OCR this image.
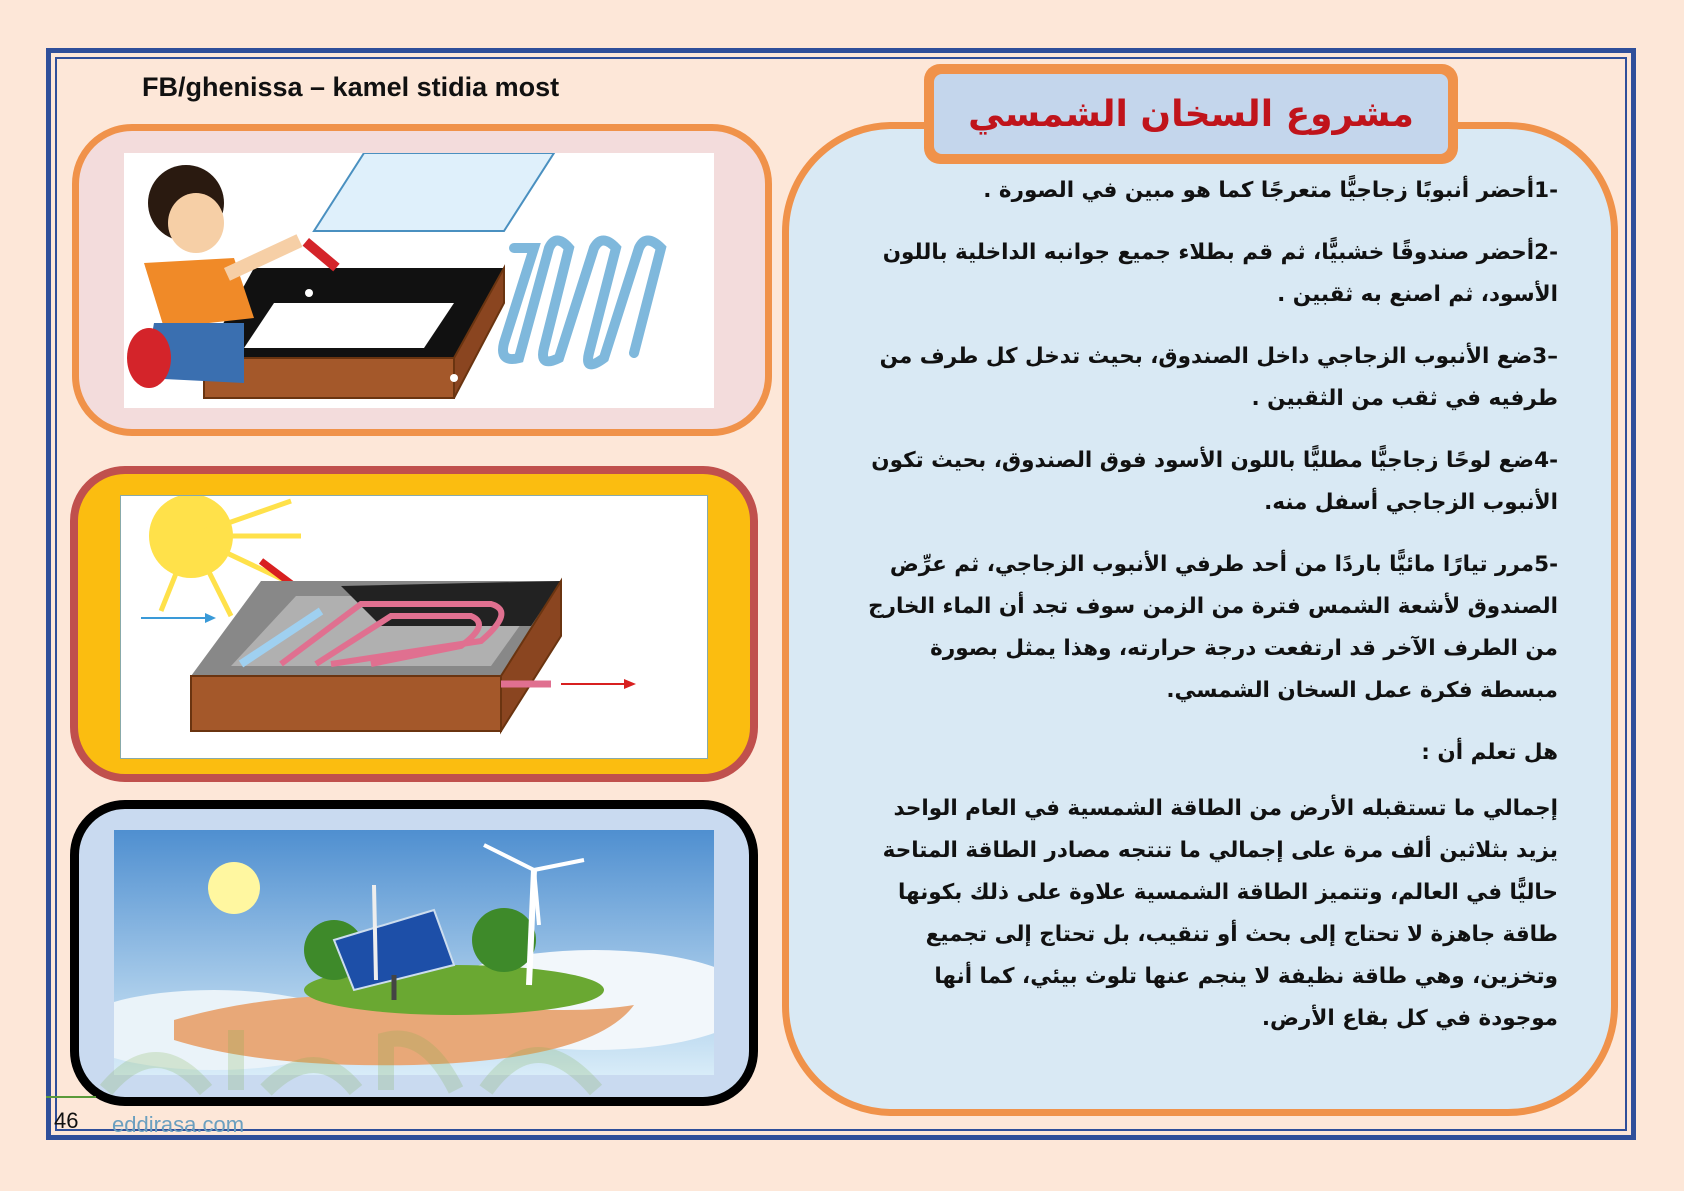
FB/ghenissa – kamel stidia most
مشروع السخان الشمسي

-1أحضر أنبوبًا زجاجيًّا متعرجًا كما هو مبين في الصورة .

-2أحضر صندوقًا خشبيًّا، ثم قم بطلاء جميع جوانبه الداخلية باللون الأسود، ثم اصنع به ثقبين .

–3ضع الأنبوب الزجاجي داخل الصندوق، بحيث تدخل كل طرف من طرفيه في ثقب من الثقبين .

-4ضع لوحًا زجاجيًّا مطليًّا باللون الأسود فوق الصندوق، بحيث تكون الأنبوب الزجاجي أسفل منه.

-5مرر تيارًا مائيًّا باردًا من أحد طرفي الأنبوب الزجاجي، ثم عرِّض الصندوق لأشعة الشمس فترة من الزمن سوف تجد أن الماء الخارج من الطرف الآخر قد ارتفعت درجة حرارته، وهذا يمثل بصورة مبسطة فكرة عمل السخان الشمسي.

هل تعلم أن :

إجمالي ما تستقبله الأرض من الطاقة الشمسية في العام الواحد يزيد بثلاثين ألف مرة على إجمالي ما تنتجه مصادر الطاقة المتاحة حاليًّا في العالم، وتتميز الطاقة الشمسية علاوة على ذلك بكونها طاقة جاهزة لا تحتاج إلى بحث أو تنقيب، بل تحتاج إلى تجميع وتخزين، وهي طاقة نظيفة لا ينجم عنها تلوث بيئي، كما أنها موجودة في كل بقاع الأرض.

46 eddirasa.com
